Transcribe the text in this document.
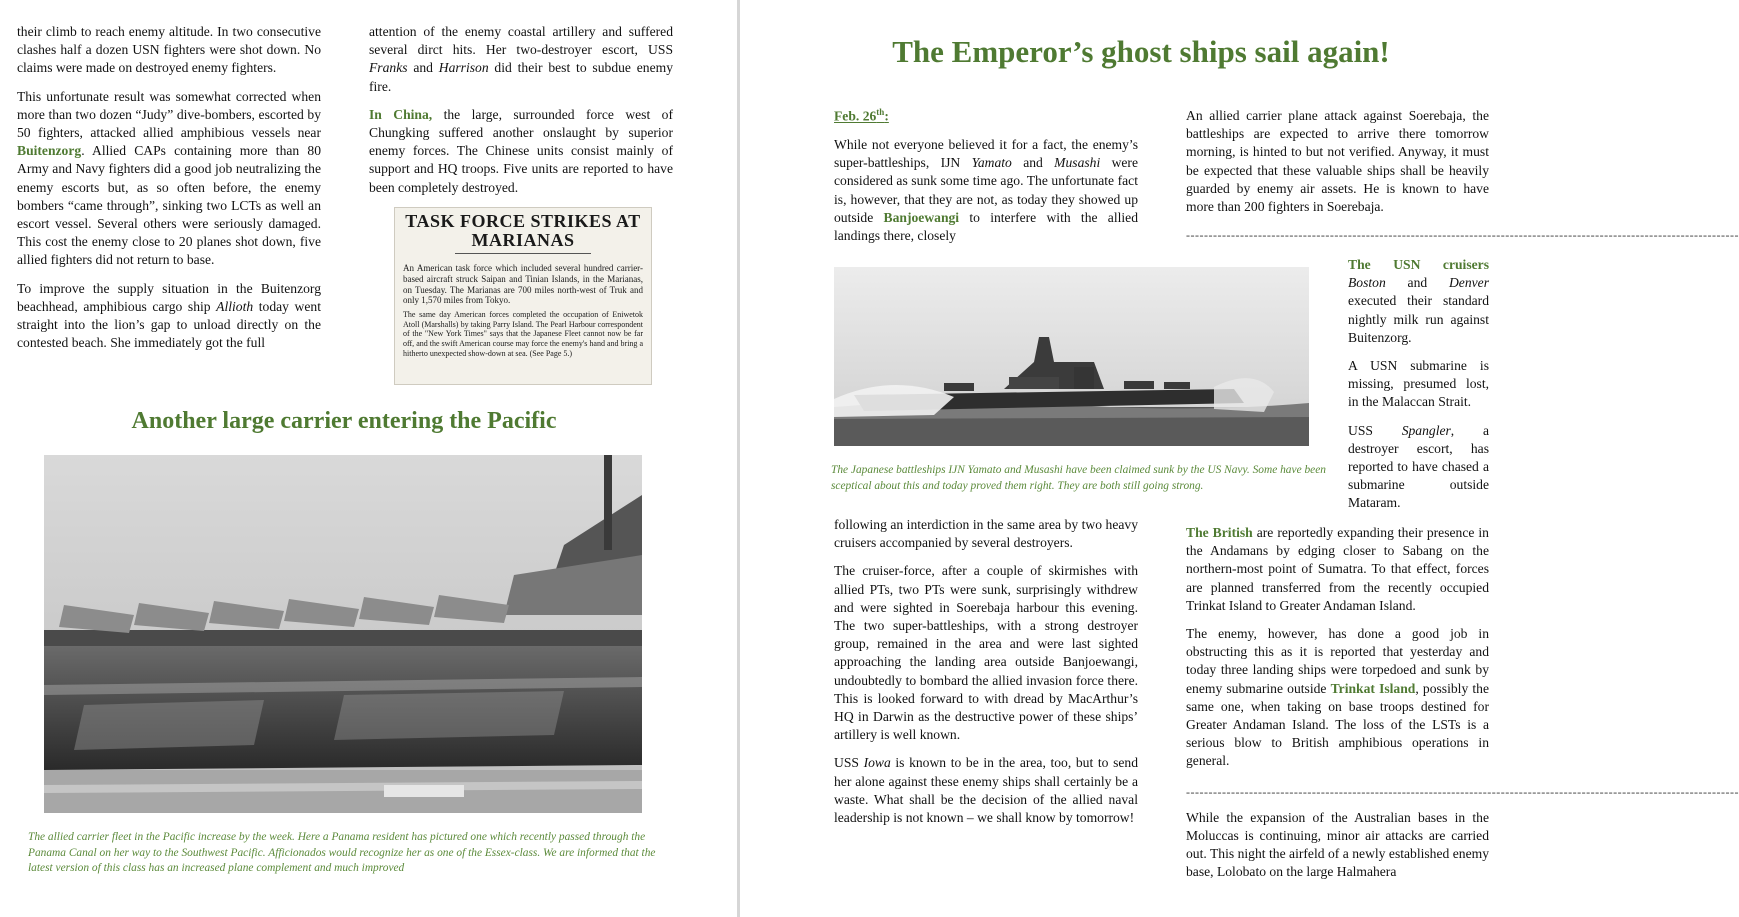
their climb to reach enemy altitude. In two consecutive clashes half a dozen USN fighters were shot down. No claims were made on destroyed enemy fighters.

This unfortunate result was somewhat corrected when more than two dozen “Judy” dive-bombers, escorted by 50 fighters, attacked allied amphibious vessels near Buitenzorg. Allied CAPs containing more than 80 Army and Navy fighters did a good job neutralizing the enemy escorts but, as so often before, the enemy bombers “came through”, sinking two LCTs as well an escort vessel. Several others were seriously damaged. This cost the enemy close to 20 planes shot down, five allied fighters did not return to base.

To improve the supply situation in the Buitenzorg beachhead, amphibious cargo ship Allioth today went straight into the lion’s gap to unload directly on the contested beach. She immediately got the full

attention of the enemy coastal artillery and suffered several dirct hits. Her two-destroyer escort, USS Franks and Harrison did their best to subdue enemy fire.

In China, the large, surrounded force west of Chungking suffered another onslaught by superior enemy forces. The Chinese units consist mainly of support and HQ troops. Five units are reported to have been completely destroyed.

TASK FORCE STRIKES AT MARIANAS
An American task force which included several hundred carrier-based aircraft struck Saipan and Tinian Islands, in the Marianas, on Tuesday. The Marianas are 700 miles north-west of Truk and only 1,570 miles from Tokyo.
The same day American forces completed the occupation of Eniwetok Atoll (Marshalls) by taking Parry Island. The Pearl Harbour correspondent of the "New York Times" says that the Japanese Fleet cannot now be far off, and the swift American course may force the enemy's hand and bring a hitherto unexpected show-down at sea. (See Page 5.)
Another large carrier entering the Pacific
The allied carrier fleet in the Pacific increase by the week. Here a Panama resident has pictured one which recently passed through the Panama Canal on her way to the Southwest Pacific. Afficionados would recognize her as one of the Essex-class. We are informed that the latest version of this class has an increased plane complement and much improved
The Emperor’s ghost ships sail again!
Feb. 26th:

While not everyone believed it for a fact, the enemy’s super-battleships, IJN Yamato and Musashi were considered as sunk some time ago. The unfortunate fact is, however, that they are not, as today they showed up outside Banjoewangi to interfere with the allied landings there, closely

The Japanese battleships IJN Yamato and Musashi have been claimed sunk by the US Navy. Some have been sceptical about this and today proved them right. They are both still going strong.

following an interdiction in the same area by two heavy cruisers accompanied by several destroyers.

The cruiser-force, after a couple of skirmishes with allied PTs, two PTs were sunk, surprisingly withdrew and were sighted in Soerebaja harbour this evening. The two super-battleships, with a strong destroyer group, remained in the area and were last sighted approaching the landing area outside Banjoewangi, undoubtedly to bombard the allied invasion force there. This is looked forward to with dread by MacArthur’s HQ in Darwin as the destructive power of these ships’ artillery is well known.

USS Iowa is known to be in the area, too, but to send her alone against these enemy ships shall certainly be a waste. What shall be the decision of the allied naval leadership is not known – we shall know by tomorrow!

An allied carrier plane attack against Soerebaja, the battleships are expected to arrive there tomorrow morning, is hinted to but not verified. Anyway, it must be expected that these valuable ships shall be heavily guarded by enemy air assets. He is known to have more than 200 fighters in Soerebaja.

---------------------------------------------------------------------------------------------------------------------------

The USN cruisers Boston and Denver executed their standard nightly milk run against Buitenzorg.

A USN submarine is missing, presumed lost, in the Malaccan Strait.

USS Spangler, a destroyer escort, has reported to have chased a submarine outside Mataram.

The British are reportedly expanding their presence in the Andamans by edging closer to Sabang on the northern-most point of Sumatra. To that effect, forces are planned transferred from the recently occupied Trinkat Island to Greater Andaman Island.

The enemy, however, has done a good job in obstructing this as it is reported that yesterday and today three landing ships were torpedoed and sunk by enemy submarine outside Trinkat Island, possibly the same one, when taking on base troops destined for Greater Andaman Island. The loss of the LSTs is a serious blow to British amphibious operations in general.

---------------------------------------------------------------------------------------------------------------------------

While the expansion of the Australian bases in the Moluccas is continuing, minor air attacks are carried out. This night the airfeld of a newly established enemy base, Lolobato on the large Halmahera
